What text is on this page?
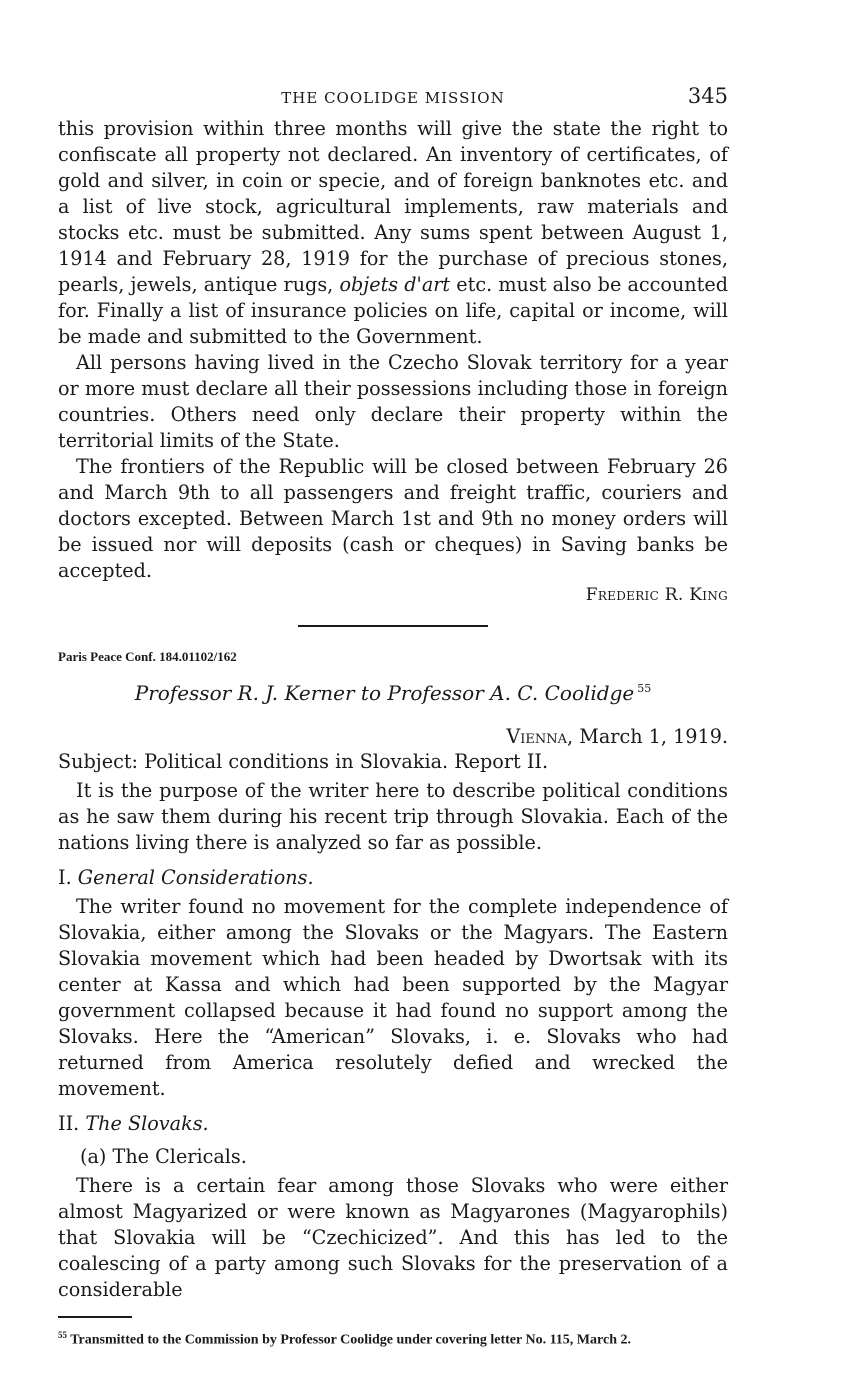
THE COOLIDGE MISSION	345

this provision within three months will give the state the right to confiscate all property not declared. An inventory of certificates, of gold and silver, in coin or specie, and of foreign banknotes etc. and a list of live stock, agricultural implements, raw materials and stocks etc. must be submitted. Any sums spent between August 1, 1914 and February 28, 1919 for the purchase of precious stones, pearls, jewels, antique rugs, objets d'art etc. must also be accounted for. Finally a list of insurance policies on life, capital or income, will be made and submitted to the Government.

All persons having lived in the Czecho Slovak territory for a year or more must declare all their possessions including those in foreign countries. Others need only declare their property within the territorial limits of the State.

The frontiers of the Republic will be closed between February 26 and March 9th to all passengers and freight traffic, couriers and doctors excepted. Between March 1st and 9th no money orders will be issued nor will deposits (cash or cheques) in Saving banks be accepted.

Frederic R. King
Paris Peace Conf. 184.01102/162
Professor R. J. Kerner to Professor A. C. Coolidge $^{55}$
Vienna, March 1, 1919.
Subject: Political conditions in Slovakia. Report II.

It is the purpose of the writer here to describe political conditions as he saw them during his recent trip through Slovakia. Each of the nations living there is analyzed so far as possible.

I. General Considerations.

The writer found no movement for the complete independence of Slovakia, either among the Slovaks or the Magyars. The Eastern Slovakia movement which had been headed by Dwortsak with its center at Kassa and which had been supported by the Magyar government collapsed because it had found no support among the Slovaks. Here the “American” Slovaks, i. e. Slovaks who had returned from America resolutely defied and wrecked the movement.

II. The Slovaks.
(a) The Clericals.

There is a certain fear among those Slovaks who were either almost Magyarized or were known as Magyarones (Magyarophils) that Slovakia will be “Czechicized”. And this has led to the coalescing of a party among such Slovaks for the preservation of a considerable

$^{55}$ Transmitted to the Commission by Professor Coolidge under covering letter No. 115, March 2.
